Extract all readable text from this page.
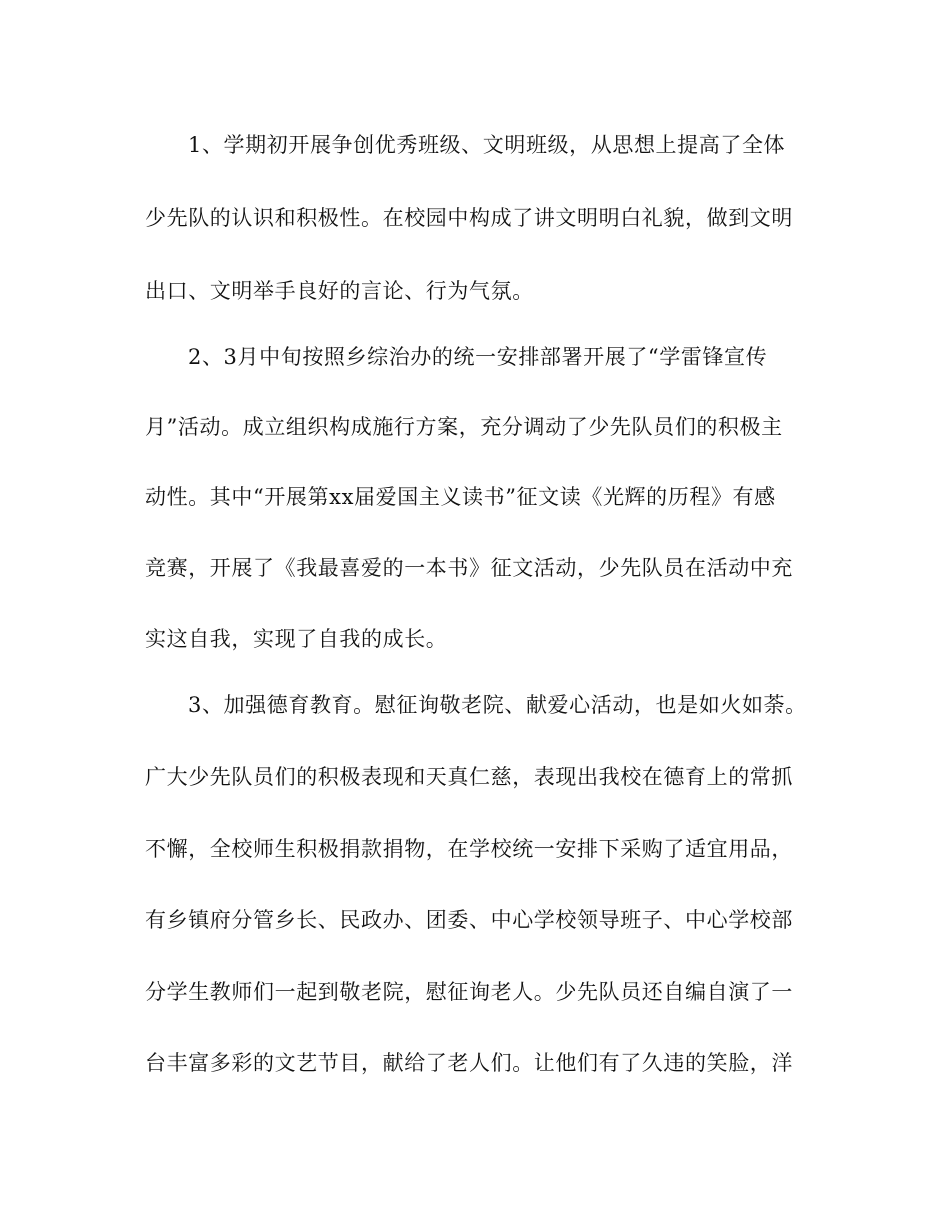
1、学期初开展争创优秀班级、文明班级，从思想上提高了全体
少先队的认识和积极性。在校园中构成了讲文明明白礼貌，做到文明
出口、文明举手良好的言论、行为气氛。
2、3月中旬按照乡综治办的统一安排部署开展了“学雷锋宣传
月”活动。成立组织构成施行方案，充分调动了少先队员们的积极主
动性。其中“开展第xx届爱国主义读书”征文读《光辉的历程》有感
竞赛，开展了《我最喜爱的一本书》征文活动，少先队员在活动中充
实这自我，实现了自我的成长。
3、加强德育教育。慰征询敬老院、献爱心活动，也是如火如荼。
广大少先队员们的积极表现和天真仁慈，表现出我校在德育上的常抓
不懈，全校师生积极捐款捐物，在学校统一安排下采购了适宜用品，
有乡镇府分管乡长、民政办、团委、中心学校领导班子、中心学校部
分学生教师们一起到敬老院，慰征询老人。少先队员还自编自演了一
台丰富多彩的文艺节目，献给了老人们。让他们有了久违的笑脸，洋
